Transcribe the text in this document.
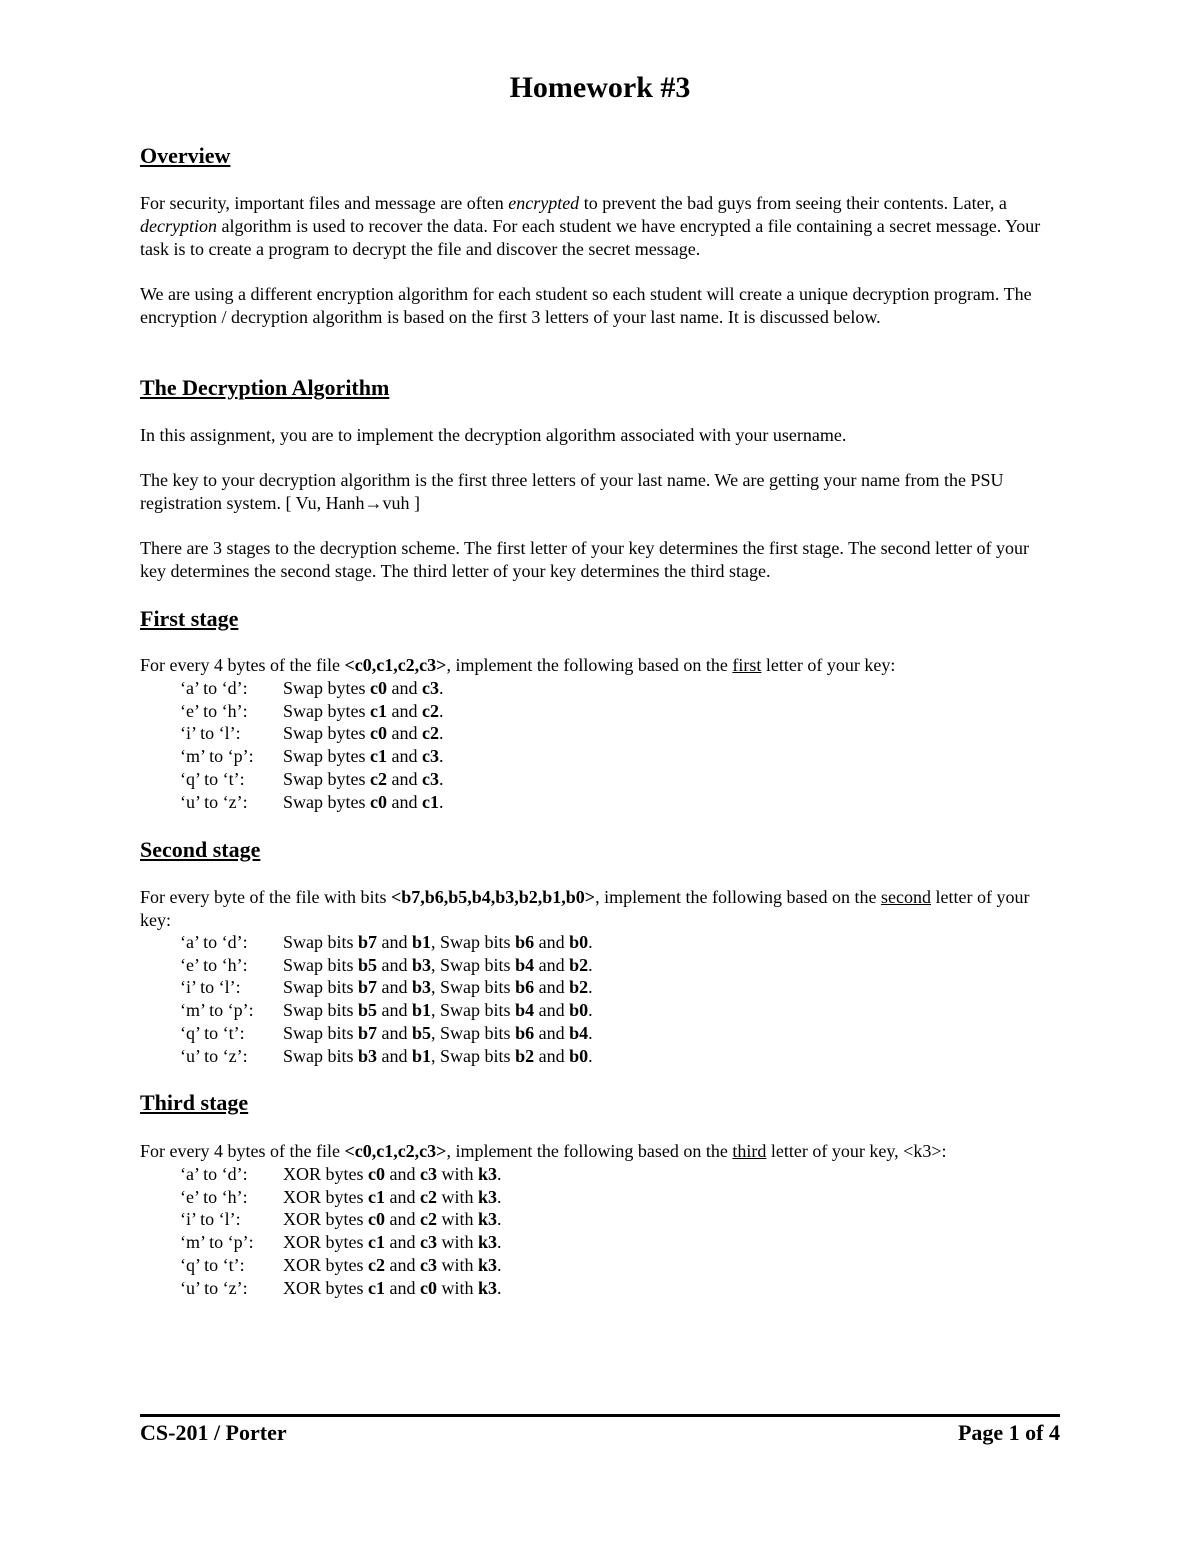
Homework #3
Overview

For security, important files and message are often encrypted to prevent the bad guys from seeing their contents. Later, a decryption algorithm is used to recover the data. For each student we have encrypted a file containing a secret message. Your task is to create a program to decrypt the file and discover the secret message.

We are using a different encryption algorithm for each student so each student will create a unique decryption program. The encryption / decryption algorithm is based on the first 3 letters of your last name. It is discussed below.

The Decryption Algorithm

In this assignment, you are to implement the decryption algorithm associated with your username.

The key to your decryption algorithm is the first three letters of your last name. We are getting your name from the PSU registration system. [ Vu, Hanh→vuh ]

There are 3 stages to the decryption scheme. The first letter of your key determines the first stage. The second letter of your key determines the second stage. The third letter of your key determines the third stage.

First stage

For every 4 bytes of the file <c0,c1,c2,c3>, implement the following based on the first letter of your key:

‘a’ to ‘d’:	Swap bytes c0 and c3.
‘e’ to ‘h’:	Swap bytes c1 and c2.
‘i’ to ‘l’:	Swap bytes c0 and c2.
‘m’ to ‘p’:	Swap bytes c1 and c3.
‘q’ to ‘t’:	Swap bytes c2 and c3.
‘u’ to ‘z’:	Swap bytes c0 and c1.
Second stage

For every byte of the file with bits <b7,b6,b5,b4,b3,b2,b1,b0>, implement the following based on the second letter of your key:

‘a’ to ‘d’:	Swap bits b7 and b1, Swap bits b6 and b0.
‘e’ to ‘h’:	Swap bits b5 and b3, Swap bits b4 and b2.
‘i’ to ‘l’:	Swap bits b7 and b3, Swap bits b6 and b2.
‘m’ to ‘p’:	Swap bits b5 and b1, Swap bits b4 and b0.
‘q’ to ‘t’:	Swap bits b7 and b5, Swap bits b6 and b4.
‘u’ to ‘z’:	Swap bits b3 and b1, Swap bits b2 and b0.
Third stage

For every 4 bytes of the file <c0,c1,c2,c3>, implement the following based on the third letter of your key, <k3>:

‘a’ to ‘d’:	XOR bytes c0 and c3 with k3.
‘e’ to ‘h’:	XOR bytes c1 and c2 with k3.
‘i’ to ‘l’:	XOR bytes c0 and c2 with k3.
‘m’ to ‘p’:	XOR bytes c1 and c3 with k3.
‘q’ to ‘t’:	XOR bytes c2 and c3 with k3.
‘u’ to ‘z’:	XOR bytes c1 and c0 with k3.
CS-201 / Porter	Page 1 of 4
